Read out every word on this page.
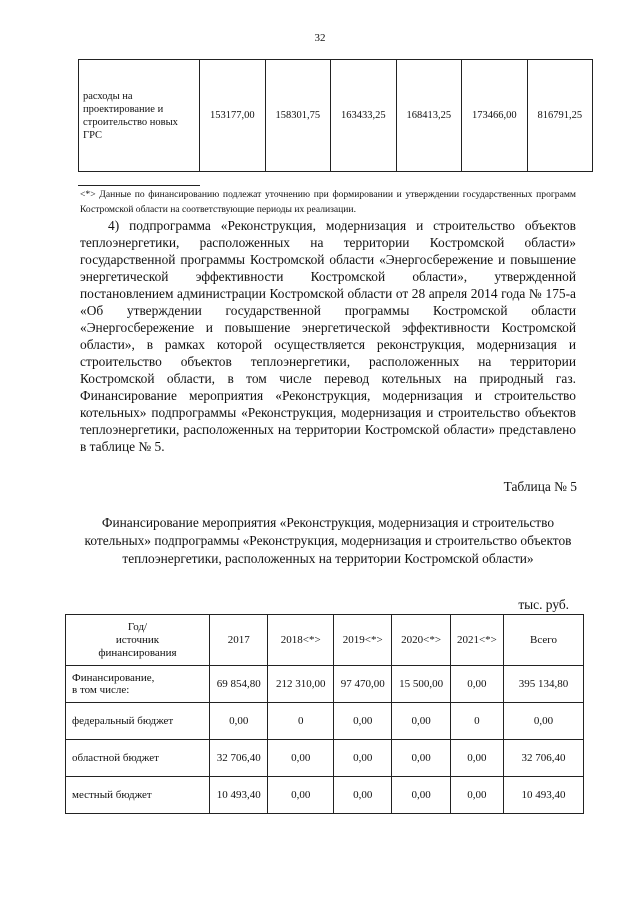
32
расходы на проектирование и строительство новых ГРС	153177,00	158301,75	163433,25	168413,25	173466,00	816791,25
<*> Данные по финансированию подлежат уточнению при формировании и утверждении государственных программ Костромской области на соответствующие периоды их реализации.

4) подпрограмма «Реконструкция, модернизация и строительство объектов теплоэнергетики, расположенных на территории Костромской области» государственной программы Костромской области «Энергосбережение и повышение энергетической эффективности Костромской области», утвержденной постановлением администрации Костромской области от 28 апреля 2014 года № 175-а «Об утверждении государственной программы Костромской области «Энергосбережение и повышение энергетической эффективности Костромской области», в рамках которой осуществляется реконструкция, модернизация и строительство объектов теплоэнергетики, расположенных на территории Костромской области, в том числе перевод котельных на природный газ. Финансирование мероприятия «Реконструкция, модернизация и строительство котельных» подпрограммы «Реконструкция, модернизация и строительство объектов теплоэнергетики, расположенных на территории Костромской области» представлено в таблице № 5.

Таблица № 5
Финансирование мероприятия «Реконструкция, модернизация и строительство котельных» подпрограммы «Реконструкция, модернизация и строительство объектов теплоэнергетики, расположенных на территории Костромской области»
тыс. руб.
Год/
источник
финансирования	2017	2018<*>	2019<*>	2020<*>	2021<*>	Всего

Финансирование,
в том числе:	69 854,80	212 310,00	97 470,00	15 500,00	0,00	395 134,80
федеральный бюджет	0,00	0	0,00	0,00	0	0,00
областной бюджет	32 706,40	0,00	0,00	0,00	0,00	32 706,40
местный бюджет	10 493,40	0,00	0,00	0,00	0,00	10 493,40
